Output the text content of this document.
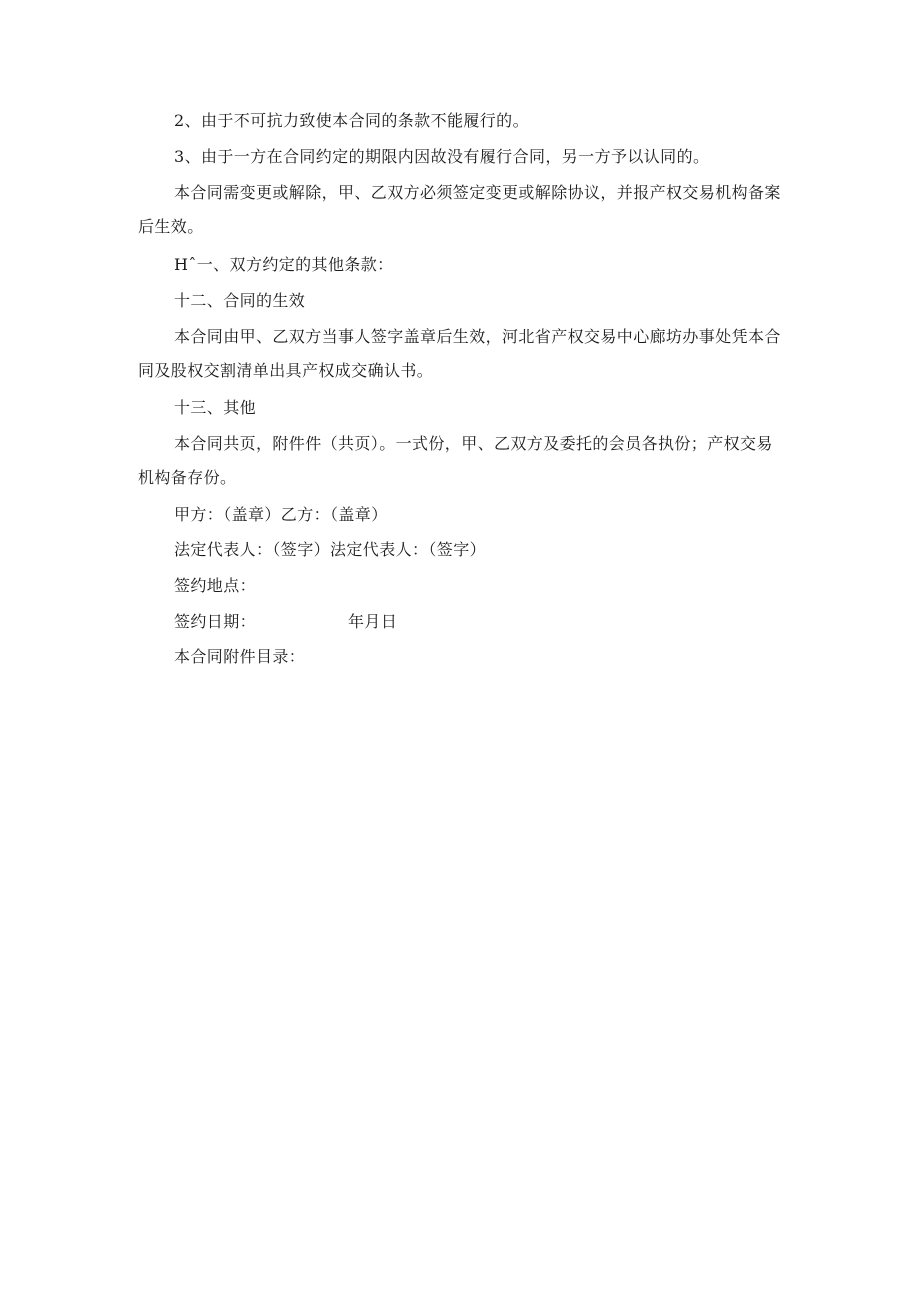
2、由于不可抗力致使本合同的条款不能履行的。

3、由于一方在合同约定的期限内因故没有履行合同，另一方予以认同的。

本合同需变更或解除，甲、乙双方必须签定变更或解除协议，并报产权交易机构备案后生效。

Hˆ一、双方约定的其他条款：

十二、合同的生效

本合同由甲、乙双方当事人签字盖章后生效，河北省产权交易中心廊坊办事处凭本合同及股权交割清单出具产权成交确认书。

十三、其他

本合同共页，附件件（共页）。一式份，甲、乙双方及委托的会员各执份；产权交易机构备存份。

甲方：（盖章）乙方：（盖章）

法定代表人：（签字）法定代表人：（签字）

签约地点：

签约日期：	年月日

本合同附件目录：
